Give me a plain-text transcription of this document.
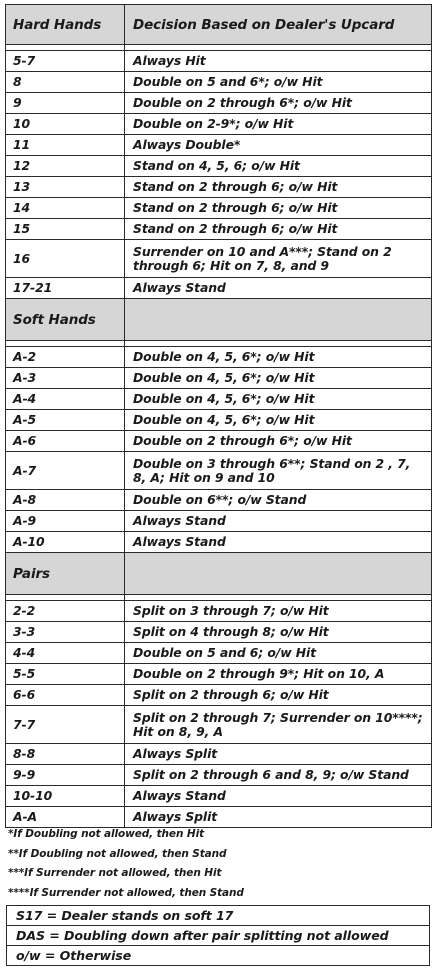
Hard Hands	Decision Based on Dealer's Upcard

5-7	Always Hit
8	Double on 5 and 6*; o/w Hit
9	Double on 2 through 6*; o/w Hit
10	Double on 2-9*; o/w Hit
11	Always Double*
12	Stand on 4, 5, 6; o/w Hit
13	Stand on 2 through 6; o/w Hit
14	Stand on 2 through 6; o/w Hit
15	Stand on 2 through 6; o/w Hit
16	Surrender on 10 and A***; Stand on 2 through 6; Hit on 7, 8, and 9
17-21	Always Stand
Soft Hands	

A-2	Double on 4, 5, 6*; o/w Hit
A-3	Double on 4, 5, 6*; o/w Hit
A-4	Double on 4, 5, 6*; o/w Hit
A-5	Double on 4, 5, 6*; o/w Hit
A-6	Double on 2 through 6*; o/w Hit
A-7	Double on 3 through 6**; Stand on 2 , 7, 8, A; Hit on 9 and 10
A-8	Double on 6**; o/w Stand
A-9	Always Stand
A-10	Always Stand
Pairs	

2-2	Split on 3 through 7; o/w Hit
3-3	Split on 4 through 8; o/w Hit
4-4	Double on 5 and 6; o/w Hit
5-5	Double on 2 through 9*; Hit on 10, A
6-6	Split on 2 through 6; o/w Hit
7-7	Split on 2 through 7; Surrender on 10****; Hit on 8, 9, A
8-8	Always Split
9-9	Split on 2 through 6 and 8, 9; o/w Stand
10-10	Always Stand
A-A	Always Split
*If Doubling not allowed, then Hit
**If Doubling not allowed, then Stand
***If Surrender not allowed, then Hit
****If Surrender not allowed, then Stand
S17 = Dealer stands on soft 17
DAS = Doubling down after pair splitting not allowed
o/w = Otherwise
